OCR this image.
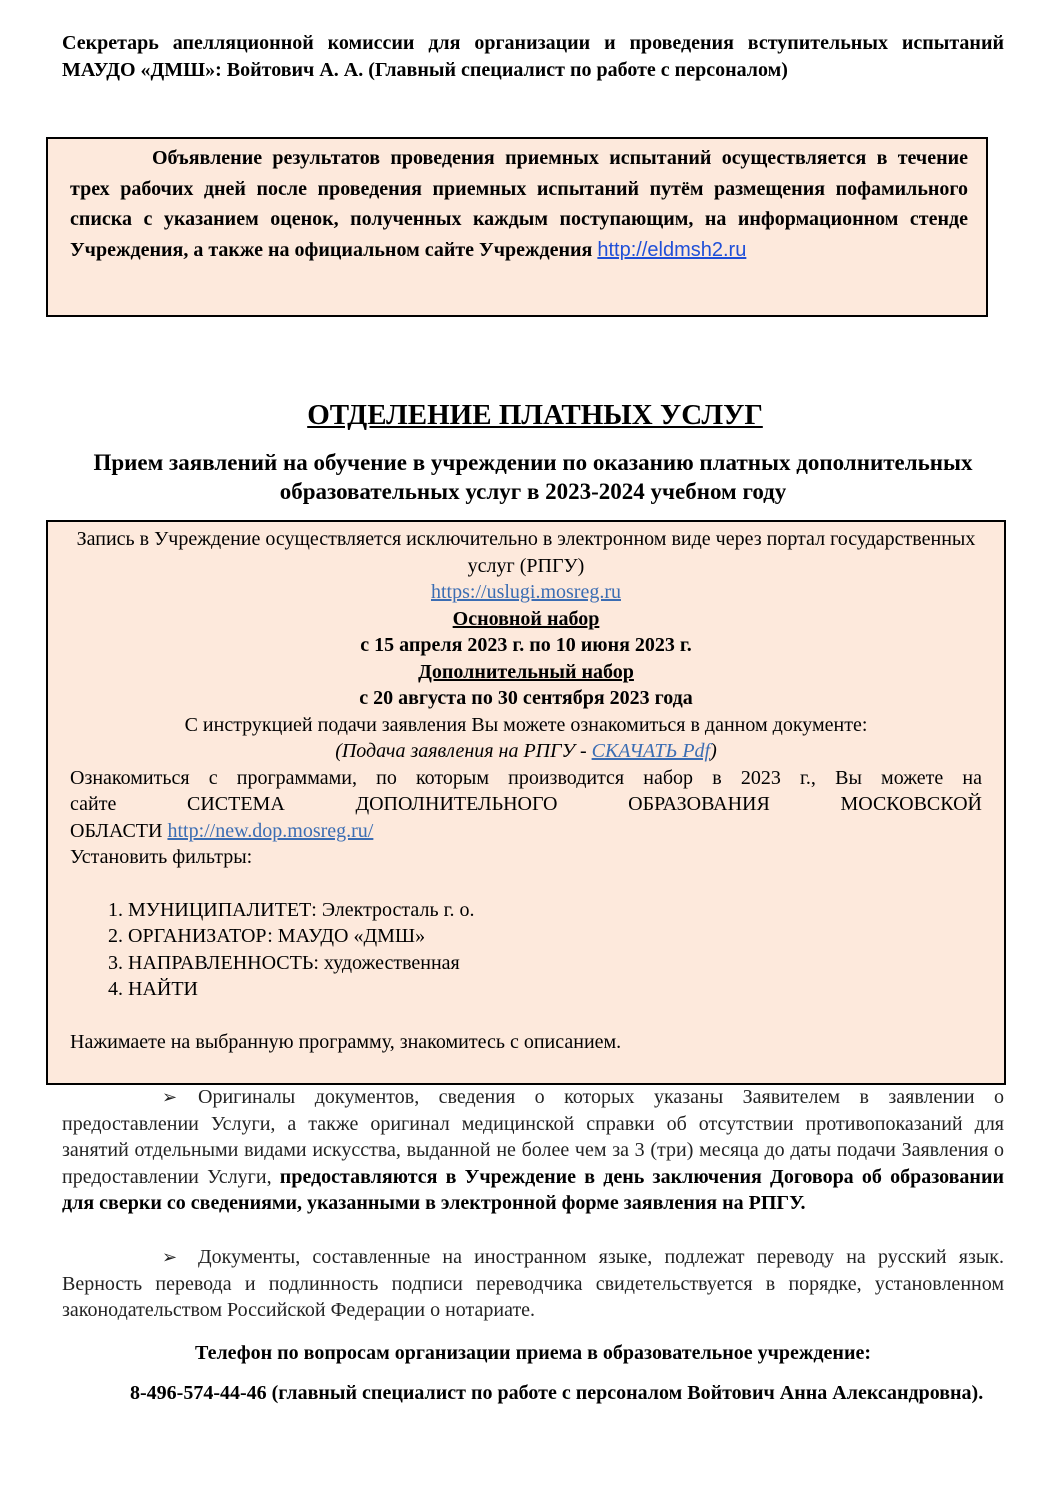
Секретарь апелляционной комиссии для организации и проведения вступительных испытаний МАУДО «ДМШ»: Войтович А. А. (Главный специалист по работе с персоналом)

Объявление результатов проведения приемных испытаний осуществляется в течение трех рабочих дней после проведения приемных испытаний путём размещения пофамильного списка с указанием оценок, полученных каждым поступающим, на информационном стенде Учреждения, а также на официальном сайте Учреждения http://eldmsh2.ru

ОТДЕЛЕНИЕ ПЛАТНЫХ УСЛУГ
Прием заявлений на обучение в учреждении по оказанию платных дополнительных образовательных услуг в 2023-2024 учебном году

Запись в Учреждение осуществляется исключительно в электронном виде через портал государственных услуг (РПГУ)

https://uslugi.mosreg.ru

Основной набор

с 15 апреля 2023 г. по 10 июня 2023 г.

Дополнительный набор

с 20 августа по 30 сентября 2023 года

С инструкцией подачи заявления Вы можете ознакомиться в данном документе:

(Подача заявления на РПГУ - СКАЧАТЬ Pdf)

Ознакомиться с программами, по которым производится набор в 2023 г., Вы можете на

сайте СИСТЕМА ДОПОЛНИТЕЛЬНОГО ОБРАЗОВАНИЯ МОСКОВСКОЙ

ОБЛАСТИ http://new.dop.mosreg.ru/

Установить фильтры:

1. МУНИЦИПАЛИТЕТ: Электросталь г. о.
2. ОРГАНИЗАТОР: МАУДО «ДМШ»
3. НАПРАВЛЕННОСТЬ: художественная
4. НАЙТИ

Нажимаете на выбранную программу, знакомитесь с описанием.

➢ Оригиналы документов, сведения о которых указаны Заявителем в заявлении о предоставлении Услуги, а также оригинал медицинской справки об отсутствии противопоказаний для занятий отдельными видами искусства, выданной не более чем за 3 (три) месяца до даты подачи Заявления о предоставлении Услуги, предоставляются в Учреждение в день заключения Договора об образовании для сверки со сведениями, указанными в электронной форме заявления на РПГУ.

➢ Документы, составленные на иностранном языке, подлежат переводу на русский язык. Верность перевода и подлинность подписи переводчика свидетельствуется в порядке, установленном законодательством Российской Федерации о нотариате.

Телефон по вопросам организации приема в образовательное учреждение:

8-496-574-44-46 (главный специалист по работе с персоналом Войтович Анна Александровна).
